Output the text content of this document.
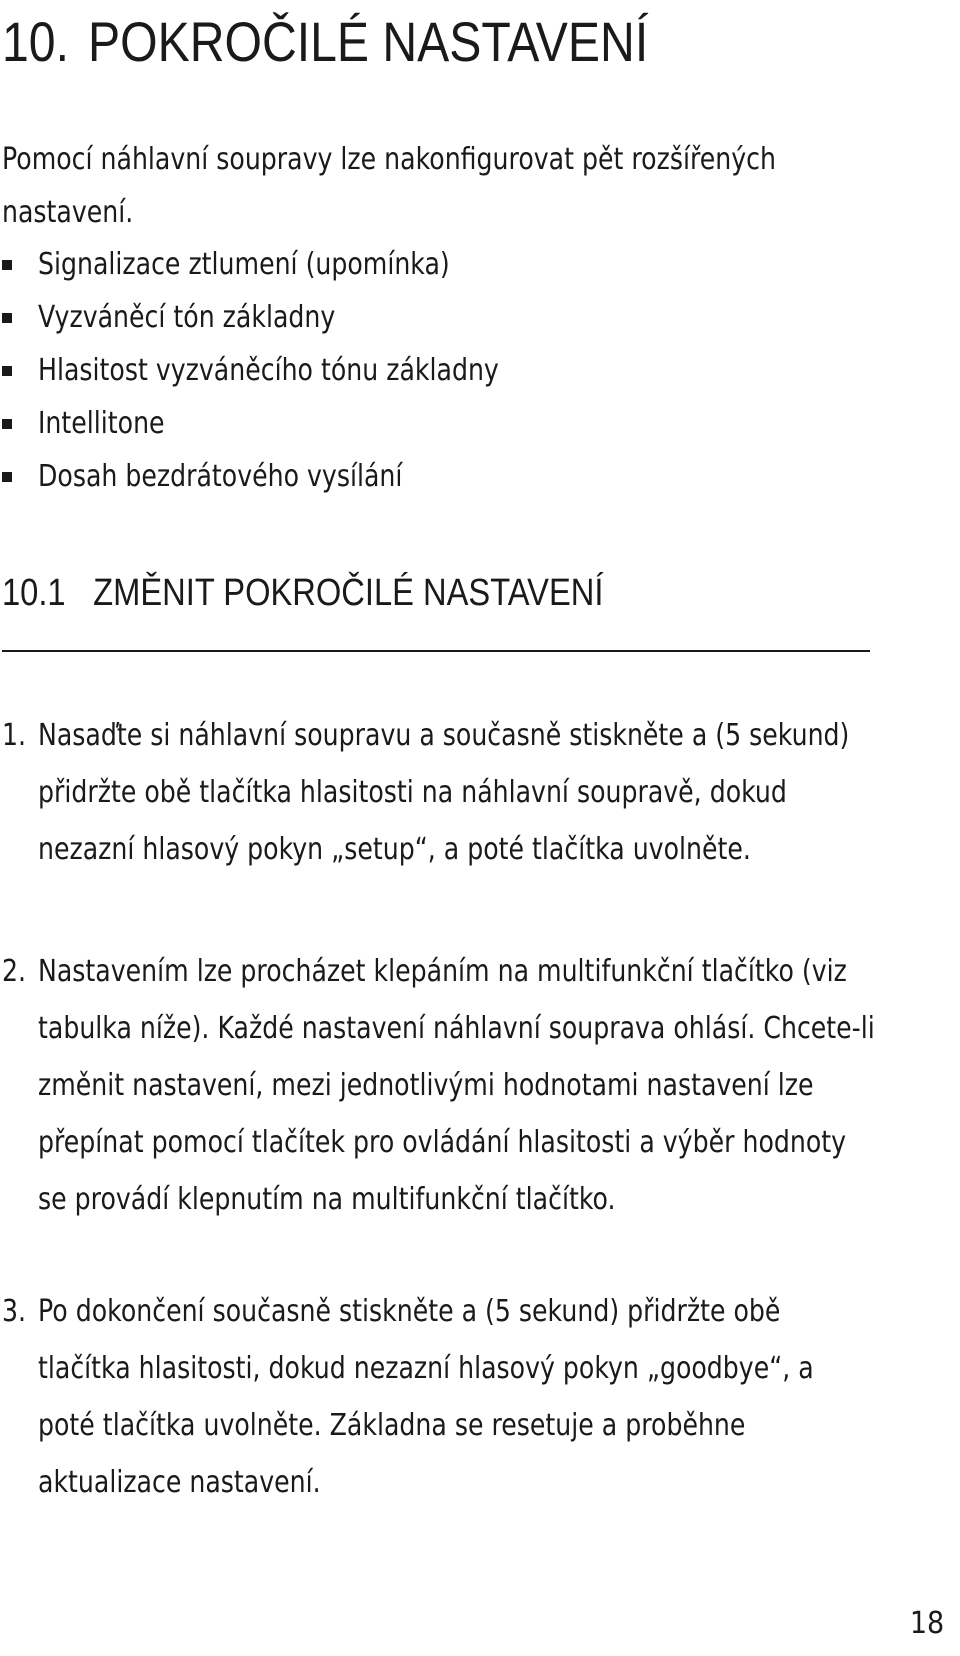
10. POKROČILÉ NASTAVENÍ

Pomocí náhlavní soupravy lze nakonfigurovat pět rozšířených nastavení.

Signalizace ztlumení (upomínka)
Vyzváněcí tón základny
Hlasitost vyzváněcího tónu základny
Intellitone
Dosah bezdrátového vysílání
10.1 ZMĚNIT POKROČILÉ NASTAVENÍ
1. Nasaďte si náhlavní soupravu a současně stiskněte a (5 sekund) přidržte obě tlačítka hlasitosti na náhlavní soupravě, dokud nezazní hlasový pokyn „setup“, a poté tlačítka uvolněte.
2. Nastavením lze procházet klepáním na multifunkční tlačítko (viz tabulka níže). Každé nastavení náhlavní souprava ohlásí. Chcete-li změnit nastavení, mezi jednotlivými hodnotami nastavení lze přepínat pomocí tlačítek pro ovládání hlasitosti a výběr hodnoty se provádí klepnutím na multifunkční tlačítko.
3. Po dokončení současně stiskněte a (5 sekund) přidržte obě tlačítka hlasitosti, dokud nezazní hlasový pokyn „goodbye“, a poté tlačítka uvolněte. Základna se resetuje a proběhne aktualizace nastavení.
18
